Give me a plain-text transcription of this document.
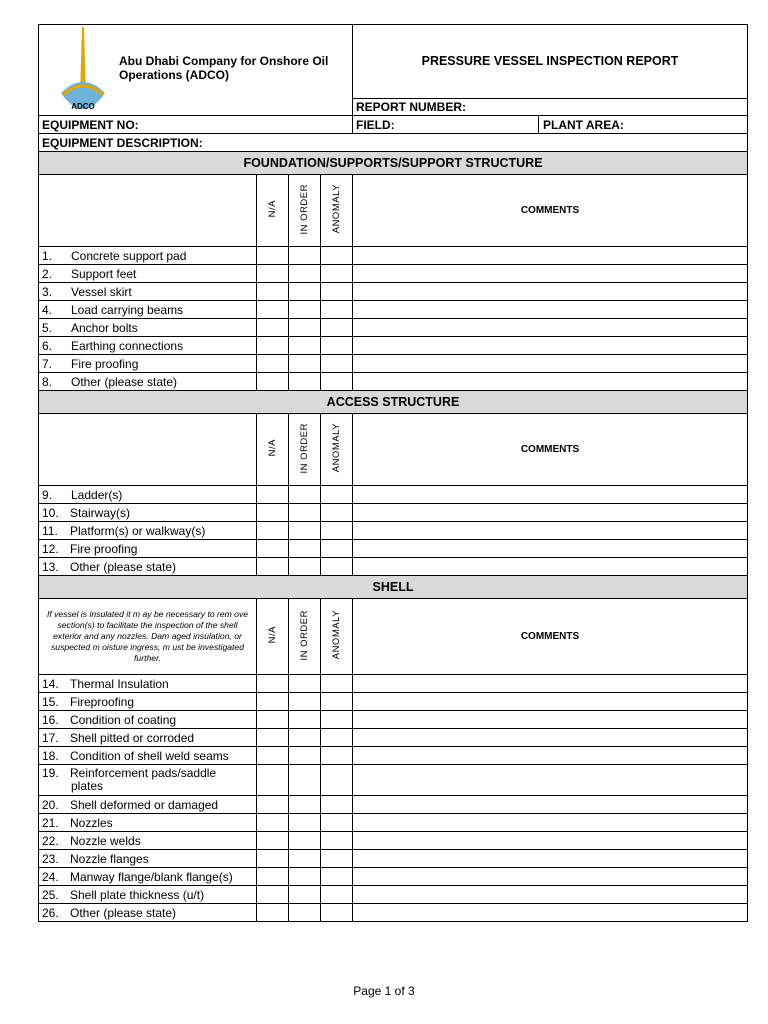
ADCO
Abu Dhabi Company for Onshore Oil Operations (ADCO)				PRESSURE VESSEL INSPECTION REPORT	
				REPORT NUMBER:	
EQUIPMENT NO:				FIELD:	PLANT AREA:
EQUIPMENT DESCRIPTION:					
FOUNDATION/SUPPORTS/SUPPORT STRUCTURE					
	N/A	IN ORDER	ANOMALY	COMMENTS	
1. Concrete support pad					
2. Support feet					
3. Vessel skirt					
4. Load carrying beams					
5. Anchor bolts					
6. Earthing connections					
7. Fire proofing					
8. Other (please state)					
ACCESS STRUCTURE					
	N/A	IN ORDER	ANOMALY	COMMENTS	
9. Ladder(s)					
10. Stairway(s)					
11. Platform(s) or walkway(s)					
12. Fire proofing					
13. Other (please state)					
SHELL					
If vessel is insulated it m ay be necessary to rem ove section(s) to facilitate the inspection of the shell exterior and any nozzles. Dam aged insulation, or suspected m oisture ingress, m ust be investigated further.	N/A	IN ORDER	ANOMALY	COMMENTS	
14. Thermal Insulation					
15. Fireproofing					
16. Condition of coating					
17. Shell pitted or corroded					
18. Condition of shell weld seams					
19. Reinforcement pads/saddle
plates					
20. Shell deformed or damaged					
21. Nozzles					
22. Nozzle welds					
23. Nozzle flanges					
24. Manway flange/blank flange(s)					
25. Shell plate thickness (u/t)					
26. Other (please state)					
Page 1 of 3
